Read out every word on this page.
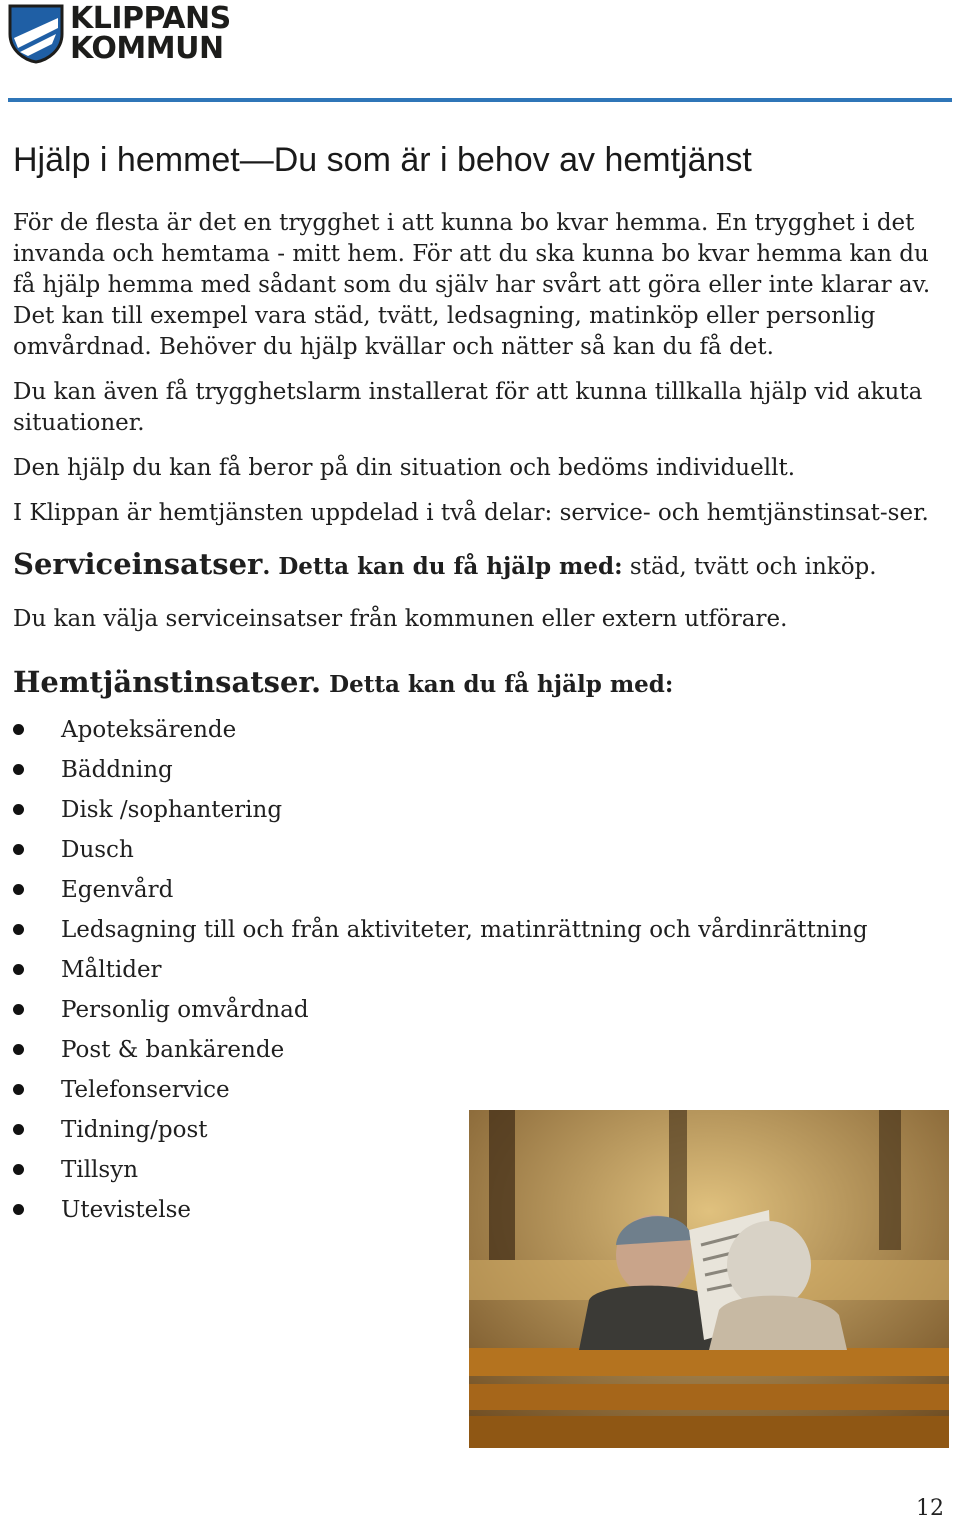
KLIPPANS
KOMMUN
Hjälp i hemmet—Du som är i behov av hemtjänst

För de flesta är det en trygghet i att kunna bo kvar hemma. En trygghet i det invanda och hemtama - mitt hem. För att du ska kunna bo kvar hemma kan du få hjälp hemma med sådant som du själv har svårt att göra eller inte klarar av. Det kan till exempel vara städ, tvätt, ledsagning, matinköp eller personlig omvårdnad. Behöver du hjälp kvällar och nätter så kan du få det.

Du kan även få trygghetslarm installerat för att kunna tillkalla hjälp vid akuta situationer.

Den hjälp du kan få beror på din situation och bedöms individuellt.

I Klippan är hemtjänsten uppdelad i två delar: service- och hemtjänstinsat-ser.

Serviceinsatser. Detta kan du få hjälp med: städ, tvätt och inköp.

Du kan välja serviceinsatser från kommunen eller extern utförare.

Hemtjänstinsatser. Detta kan du få hjälp med:
Apoteksärende
Bäddning
Disk /sophantering
Dusch
Egenvård
Ledsagning till och från aktiviteter, matinrättning och vårdinrättning
Måltider
Personlig omvårdnad
Post & bankärende
Telefonservice
Tidning/post
Tillsyn
Utevistelse
12
